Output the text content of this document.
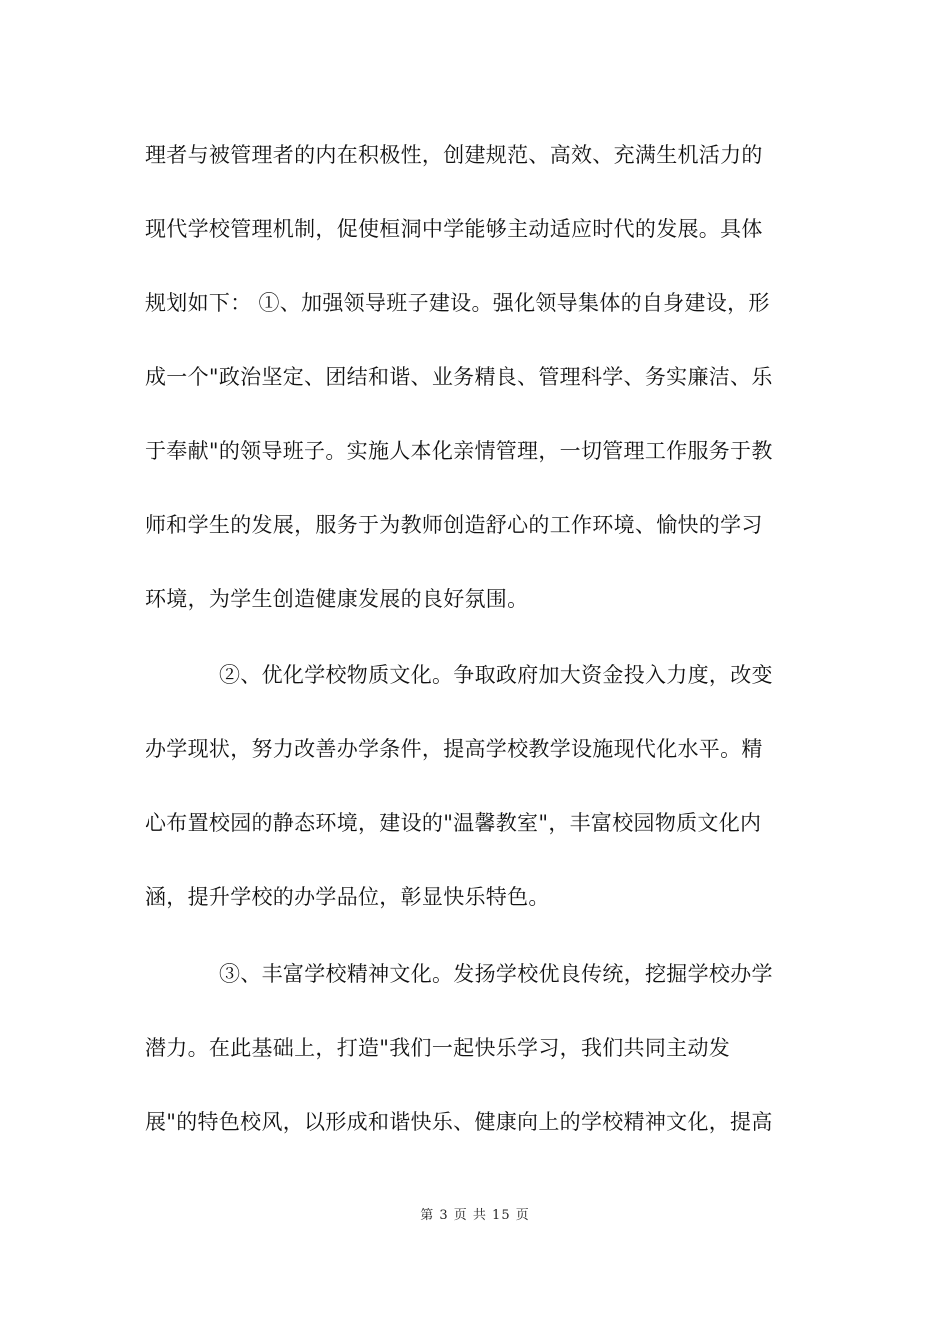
理者与被管理者的内在积极性，创建规范、高效、充满生机活力的
现代学校管理机制，促使桓洞中学能够主动适应时代的发展。具体
规划如下： ①、加强领导班子建设。强化领导集体的自身建设，形
成一个"政治坚定、团结和谐、业务精良、管理科学、务实廉洁、乐
于奉献"的领导班子。实施人本化亲情管理，一切管理工作服务于教
师和学生的发展，服务于为教师创造舒心的工作环境、愉快的学习
环境，为学生创造健康发展的良好氛围。
②、优化学校物质文化。争取政府加大资金投入力度，改变
办学现状，努力改善办学条件，提高学校教学设施现代化水平。精
心布置校园的静态环境，建设的"温馨教室"，丰富校园物质文化内
涵，提升学校的办学品位，彰显快乐特色。
③、丰富学校精神文化。发扬学校优良传统，挖掘学校办学
潜力。在此基础上，打造"我们一起快乐学习，我们共同主动发
展"的特色校风，以形成和谐快乐、健康向上的学校精神文化，提高
第 3 页 共 15 页
